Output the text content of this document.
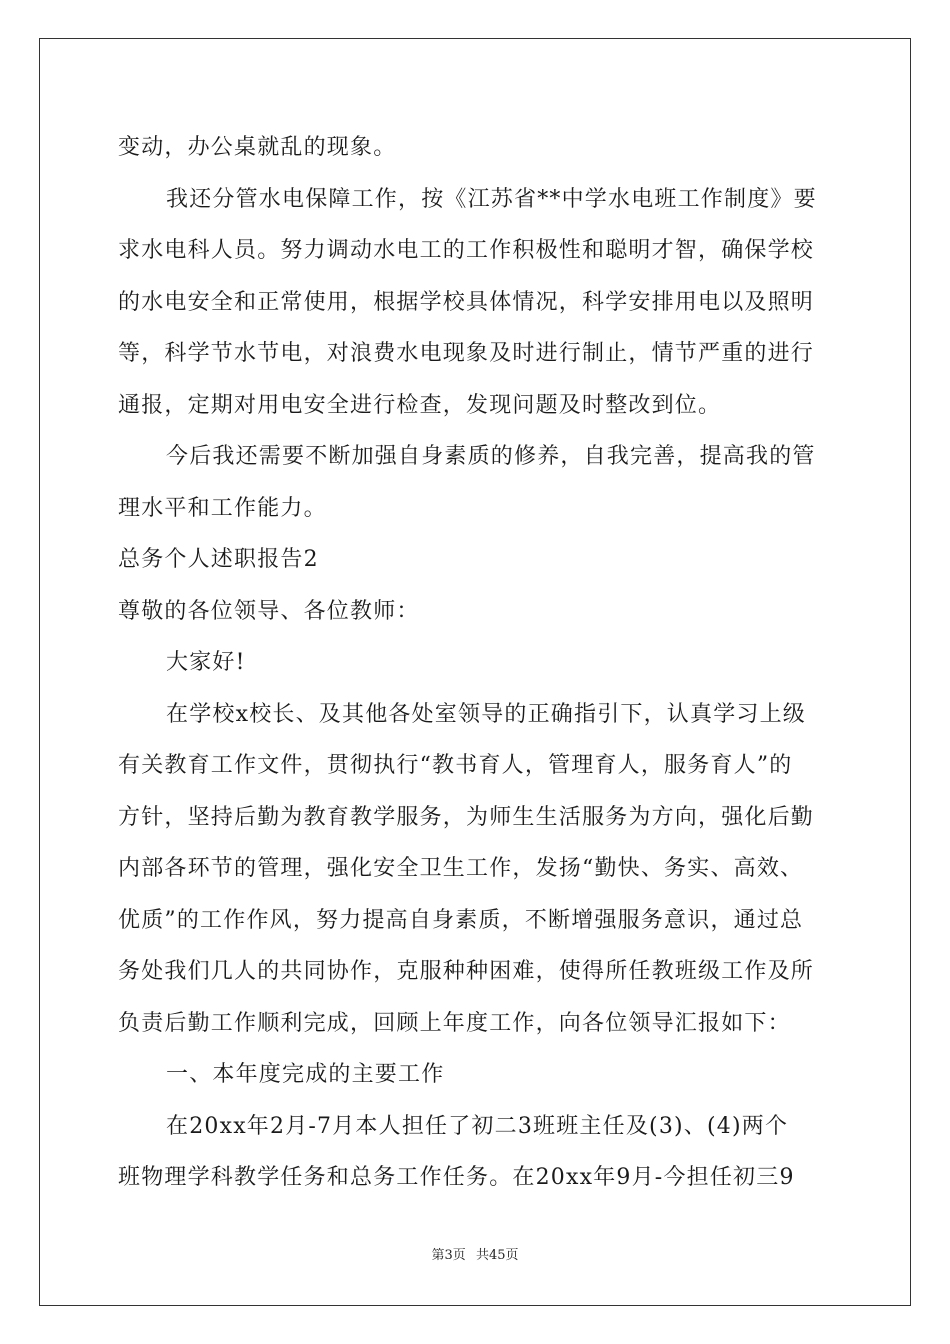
变动，办公桌就乱的现象。
我还分管水电保障工作，按《江苏省**中学水电班工作制度》要
求水电科人员。努力调动水电工的工作积极性和聪明才智，确保学校
的水电安全和正常使用，根据学校具体情况，科学安排用电以及照明
等，科学节水节电，对浪费水电现象及时进行制止，情节严重的进行
通报，定期对用电安全进行检查，发现问题及时整改到位。
今后我还需要不断加强自身素质的修养，自我完善，提高我的管
理水平和工作能力。
总务个人述职报告2
尊敬的各位领导、各位教师：
大家好!
在学校x校长、及其他各处室领导的正确指引下，认真学习上级
有关教育工作文件，贯彻执行“教书育人，管理育人，服务育人”的
方针，坚持后勤为教育教学服务，为师生生活服务为方向，强化后勤
内部各环节的管理，强化安全卫生工作，发扬“勤快、务实、高效、
优质”的工作作风，努力提高自身素质，不断增强服务意识，通过总
务处我们几人的共同协作，克服种种困难，使得所任教班级工作及所
负责后勤工作顺利完成，回顾上年度工作，向各位领导汇报如下：
一、本年度完成的主要工作
在20xx年2月-7月本人担任了初二3班班主任及(3)、(4)两个
班物理学科教学任务和总务工作任务。在20xx年9月-今担任初三9
第3页 共45页
